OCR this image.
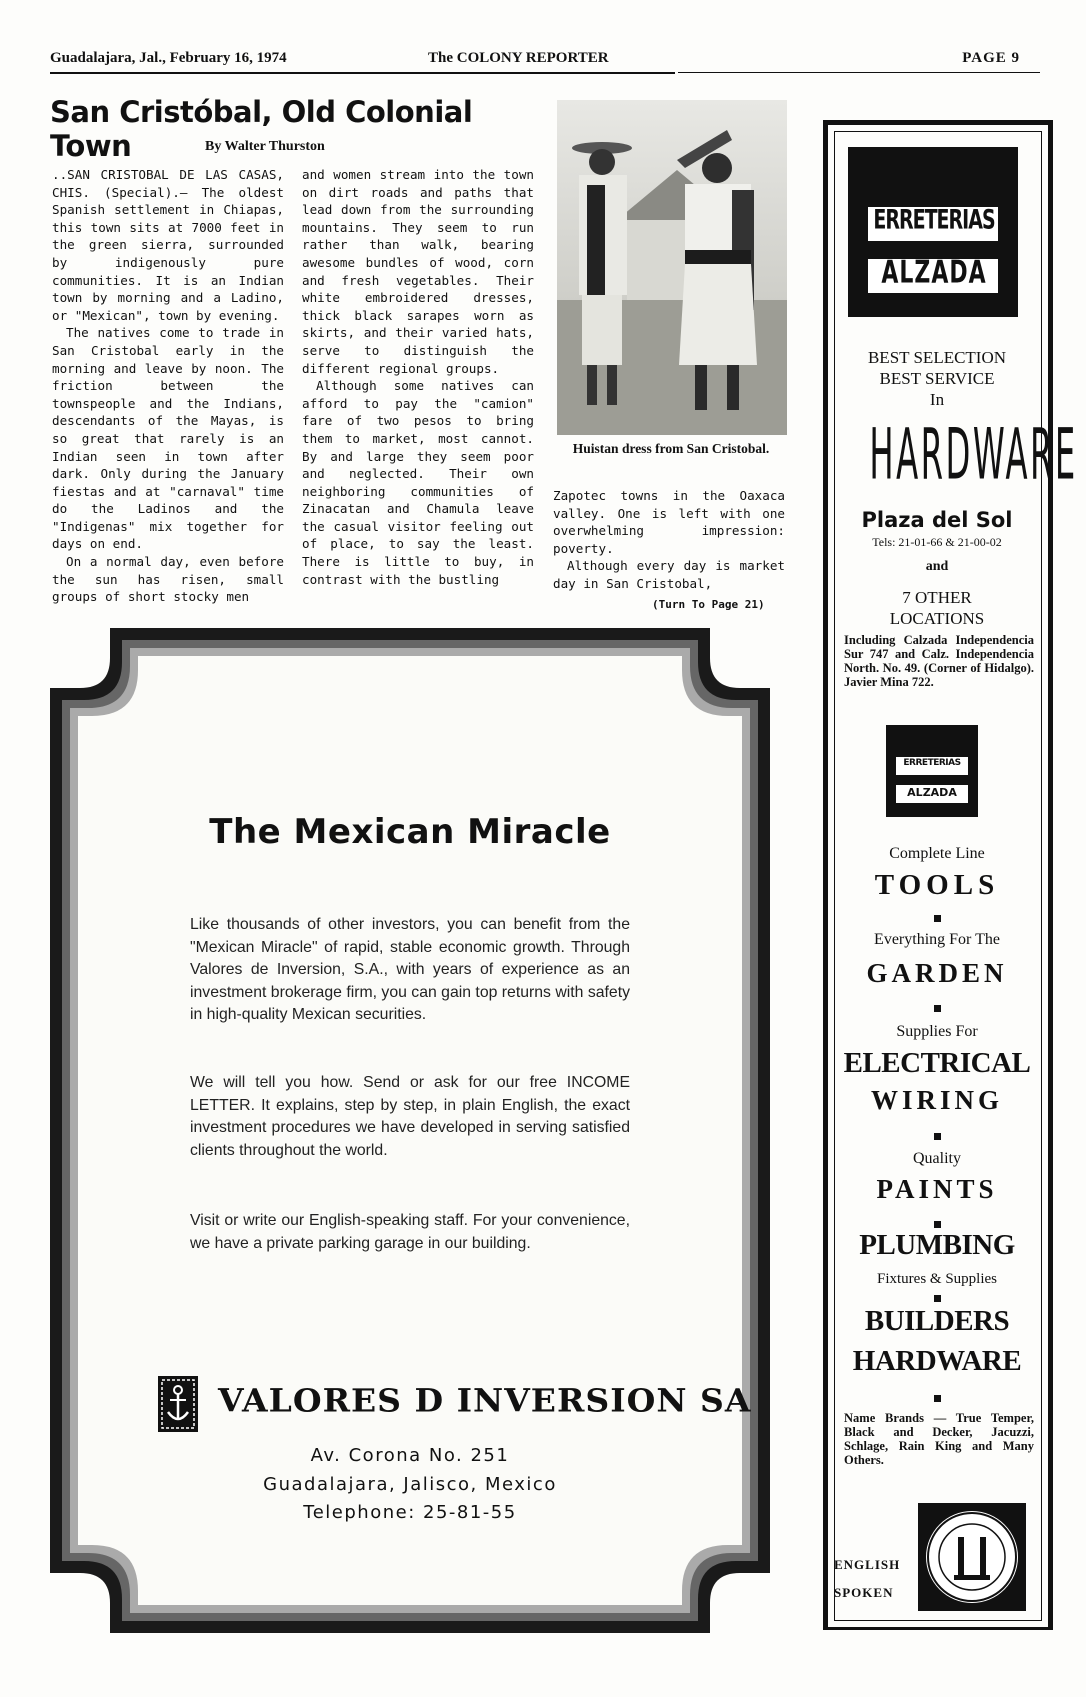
Guadalajara, Jal., February 16, 1974	The COLONY REPORTER	PAGE 9
San Cristóbal, Old Colonial Town	By Walter Thurston

..SAN CRISTOBAL DE LAS CASAS, CHIS. (Special).— The oldest Spanish settlement in Chiapas, this town sits at 7000 feet in the green sierra, surrounded by indigenously pure communities. It is an Indian town by morning and a Ladino, or "Mexican", town by evening.

The natives come to trade in San Cristobal early in the morning and leave by noon. The friction between the townspeople and the Indians, descendants of the Mayas, is so great that rarely is an Indian seen in town after dark. Only during the January fiestas and at "carnaval" time do the Ladinos and the "Indigenas" mix together for days on end.

On a normal day, even before the sun has risen, small groups of short stocky men

and women stream into the town on dirt roads and paths that lead down from the surrounding mountains. They seem to run rather than walk, bearing awesome bundles of wood, corn and fresh vegetables. Their white embroidered dresses, thick black sarapes worn as skirts, and their varied hats, serve to distinguish the different regional groups.

Although some natives can afford to pay the "camion" fare of two pesos to bring them to market, most cannot. By and large they seem poor and neglected. Their own neighboring communities of Zinacatan and Chamula leave the casual visitor feeling out of place, to say the least. There is little to buy, in contrast with the bustling

Huistan dress from San Cristobal.

Zapotec towns in the Oaxaca valley. One is left with one overwhelming impression: poverty.

Although every day is market day in San Cristobal,

(Turn To Page 21)
ERRETERIAS
ALZADA
BEST SELECTION
BEST SERVICE
In
HARDWARE
Plaza del Sol
Tels: 21-01-66 & 21-00-02
and
7 OTHER
LOCATIONS
Including Calzada Independencia Sur 747 and Calz. Independencia North. No. 49. (Corner of Hidalgo). Javier Mina 722.
ERRETERIAS
ALZADA
Complete Line
TOOLS
Everything For The
GARDEN
Supplies For
ELECTRICAL
WIRING
Quality
PAINTS
PLUMBING
Fixtures & Supplies
BUILDERS
HARDWARE
Name Brands — True Temper, Black and Decker, Jacuzzi, Schlage, Rain King and Many Others.
ENGLISH
SPOKEN
The Mexican Miracle

Like thousands of other investors, you can benefit from the "Mexican Miracle" of rapid, stable economic growth. Through Valores de Inversion, S.A., with years of experience as an investment brokerage firm, you can gain top returns with safety in high-quality Mexican securities.

We will tell you how. Send or ask for our free INCOME LETTER. It explains, step by step, in plain English, the exact investment procedures we have developed in serving satisfied clients throughout the world.

Visit or write our English-speaking staff. For your convenience, we have a private parking garage in our building.

VALORES D INVERSION SA
Av. Corona No. 251
Guadalajara, Jalisco, Mexico
Telephone: 25-81-55
